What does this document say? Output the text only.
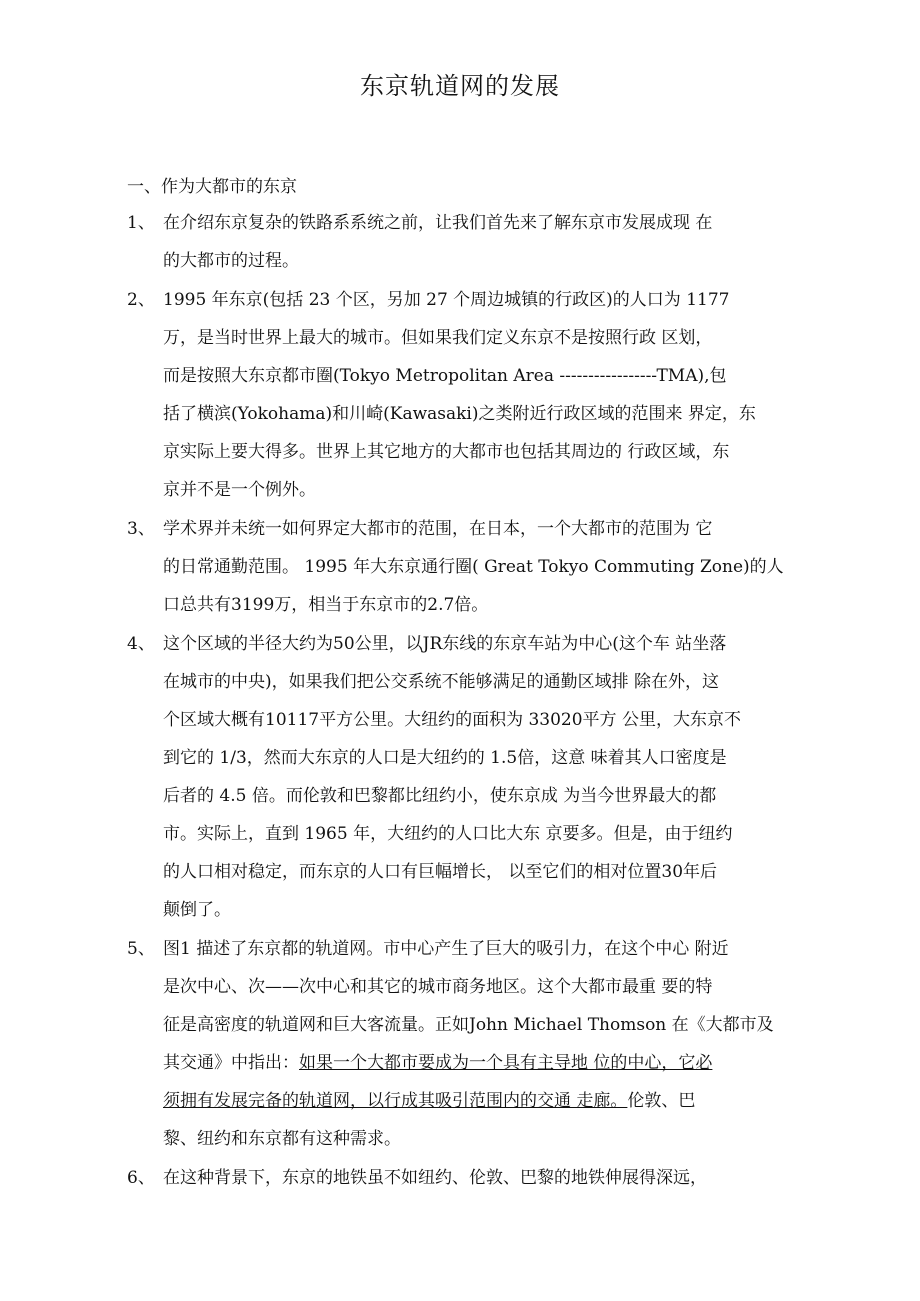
东京轨道网的发展
一、作为大都市的东京
1、 在介绍东京复杂的铁路系系统之前，让我们首先来了解东京市发展成现 在
的大都市的过程。
2、 1995 年东京(包括 23 个区，另加 27 个周边城镇的行政区)的人口为 1177
万，是当时世界上最大的城市。但如果我们定义东京不是按照行政 区划，
而是按照大东京都市圈(Tokyo Metropolitan Area -----------------TMA),包
括了横滨(Yokohama)和川崎(Kawasaki)之类附近行政区域的范围来 界定，东
京实际上要大得多。世界上其它地方的大都市也包括其周边的 行政区域，东
京并不是一个例外。
3、 学术界并未统一如何界定大都市的范围，在日本，一个大都市的范围为 它
的日常通勤范围。 1995 年大东京通行圈( Great Tokyo Commuting Zone)的人
口总共有3199万，相当于东京市的2.7倍。
4、 这个区域的半径大约为50公里，以JR东线的东京车站为中心(这个车 站坐落
在城市的中央)，如果我们把公交系统不能够满足的通勤区域排 除在外，这
个区域大概有10117平方公里。大纽约的面积为 33020平方 公里，大东京不
到它的 1/3，然而大东京的人口是大纽约的 1.5倍，这意 味着其人口密度是
后者的 4.5 倍。而伦敦和巴黎都比纽约小，使东京成 为当今世界最大的都
市。实际上，直到 1965 年，大纽约的人口比大东 京要多。但是，由于纽约
的人口相对稳定，而东京的人口有巨幅增长， 以至它们的相对位置30年后
颠倒了。
5、 图1 描述了东京都的轨道网。市中心产生了巨大的吸引力，在这个中心 附近
是次中心、次——次中心和其它的城市商务地区。这个大都市最重 要的特
征是高密度的轨道网和巨大客流量。正如John Michael Thomson 在《大都市及
其交通》中指出：如果一个大都市要成为一个具有主导地 位的中心，它必
须拥有发展完备的轨道网，以行成其吸引范围内的交通 走廊。伦敦、巴
黎、纽约和东京都有这种需求。
6、 在这种背景下，东京的地铁虽不如纽约、伦敦、巴黎的地铁伸展得深远，
